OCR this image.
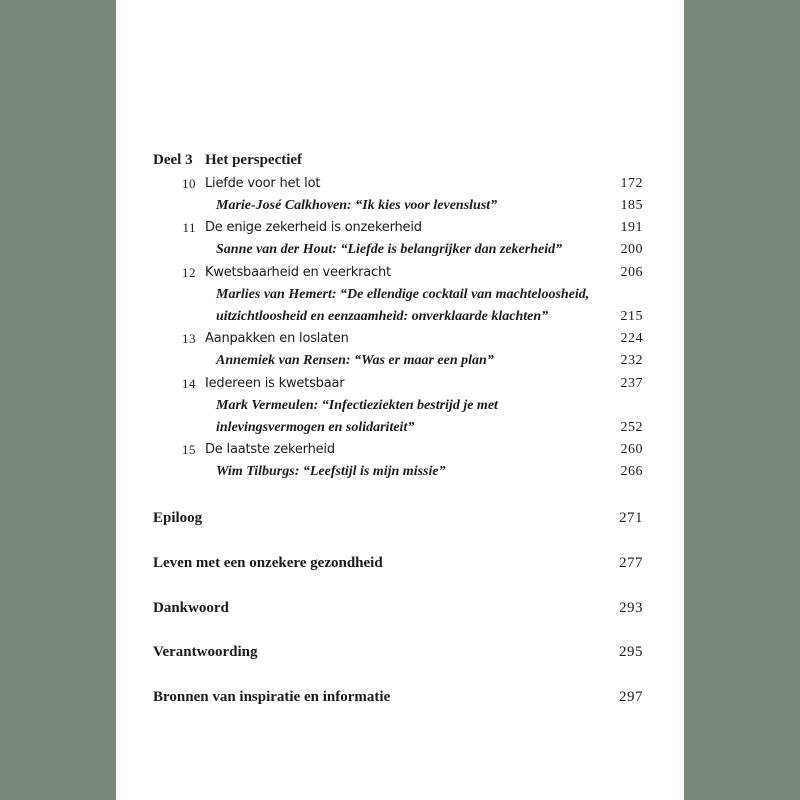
Deel 3 Het perspectief
10 Liefde voor het lot	172
Marie-José Calkhoven: “Ik kies voor levenslust”	185
11 De enige zekerheid is onzekerheid	191
Sanne van der Hout: “Liefde is belangrijker dan zekerheid”	200
12 Kwetsbaarheid en veerkracht	206
Marlies van Hemert: “De ellendige cocktail van machteloosheid,
uitzichtloosheid en eenzaamheid: onverklaarde klachten”	215
13 Aanpakken en loslaten	224
Annemiek van Rensen: “Was er maar een plan”	232
14 Iedereen is kwetsbaar	237
Mark Vermeulen: “Infectieziekten bestrijd je met
inlevingsvermogen en solidariteit”	252
15 De laatste zekerheid	260
Wim Tilburgs: “Leefstijl is mijn missie”	266
Epiloog	271
Leven met een onzekere gezondheid	277
Dankwoord	293
Verantwoording	295
Bronnen van inspiratie en informatie	297
